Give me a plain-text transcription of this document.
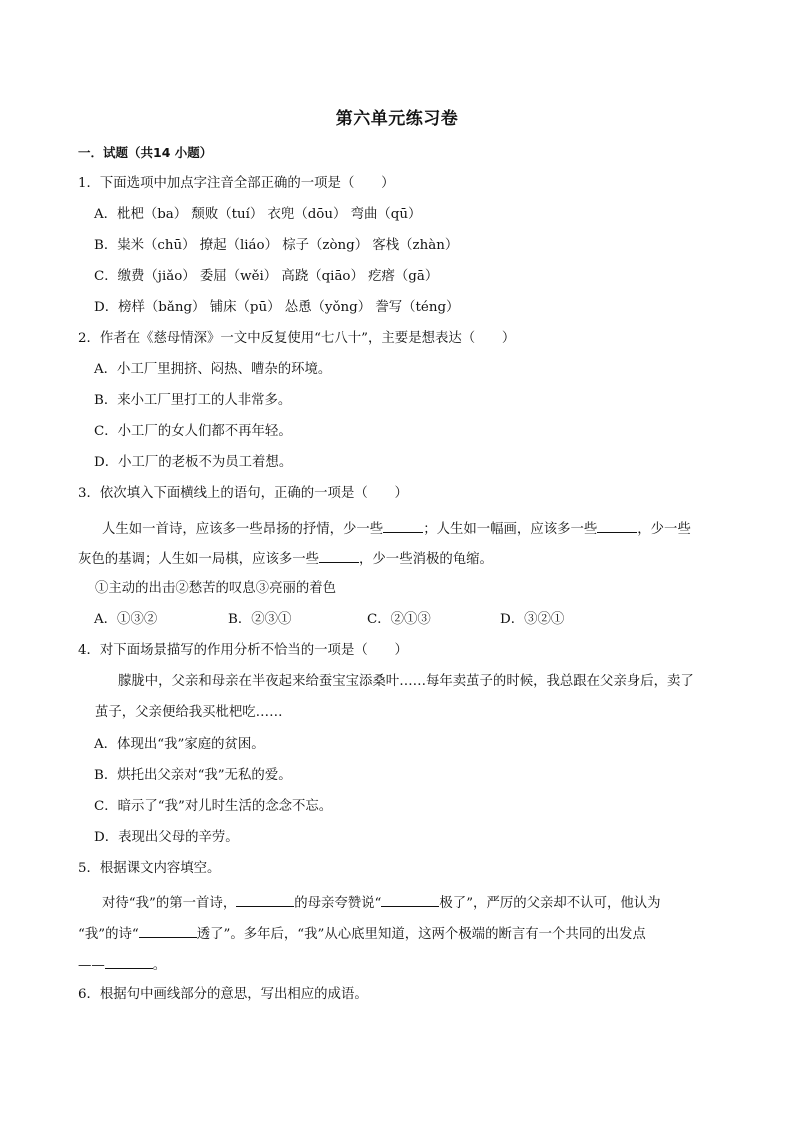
第六单元练习卷
一．试题（共14 小题）
1．下面选项中加点字注音全部正确的一项是（　　）
A．枇杷（ba） 颓败（tuí） 衣兜（dōu） 弯曲（qū）
B．粜米（chū） 撩起（liáo） 棕子（zòng） 客栈（zhàn）
C．缴费（jiǎo） 委屈（wěi） 高跷（qiāo） 疙瘩（gā）
D．榜样（bǎng） 铺床（pū） 怂恿（yǒng） 誊写（téng）
2．作者在《慈母情深》一文中反复使用“七八十”，主要是想表达（　　）
A．小工厂里拥挤、闷热、嘈杂的环境。
B．来小工厂里打工的人非常多。
C．小工厂的女人们都不再年轻。
D．小工厂的老板不为员工着想。
3．依次填入下面横线上的语句，正确的一项是（　　）
人生如一首诗，应该多一些昂扬的抒情，少一些	；人生如一幅画，应该多一些	，少一些
灰色的基调；人生如一局棋，应该多一些	，少一些消极的龟缩。
①主动的出击②愁苦的叹息③亮丽的着色
A．①③②	B．②③①	C．②①③	D．③②①
4．对下面场景描写的作用分析不恰当的一项是（　　）
朦胧中，父亲和母亲在半夜起来给蚕宝宝添桑叶……每年卖茧子的时候，我总跟在父亲身后，卖了
茧子，父亲便给我买枇杷吃……
A．体现出“我”家庭的贫困。
B．烘托出父亲对“我”无私的爱。
C．暗示了“我”对儿时生活的念念不忘。
D．表现出父母的辛劳。
5．根据课文内容填空。
对待“我”的第一首诗，	的母亲夸赞说“	极了”，严厉的父亲却不认可，他认为
“我”的诗“	透了”。多年后，“我”从心底里知道，这两个极端的断言有一个共同的出发点
——	。
6．根据句中画线部分的意思，写出相应的成语。
